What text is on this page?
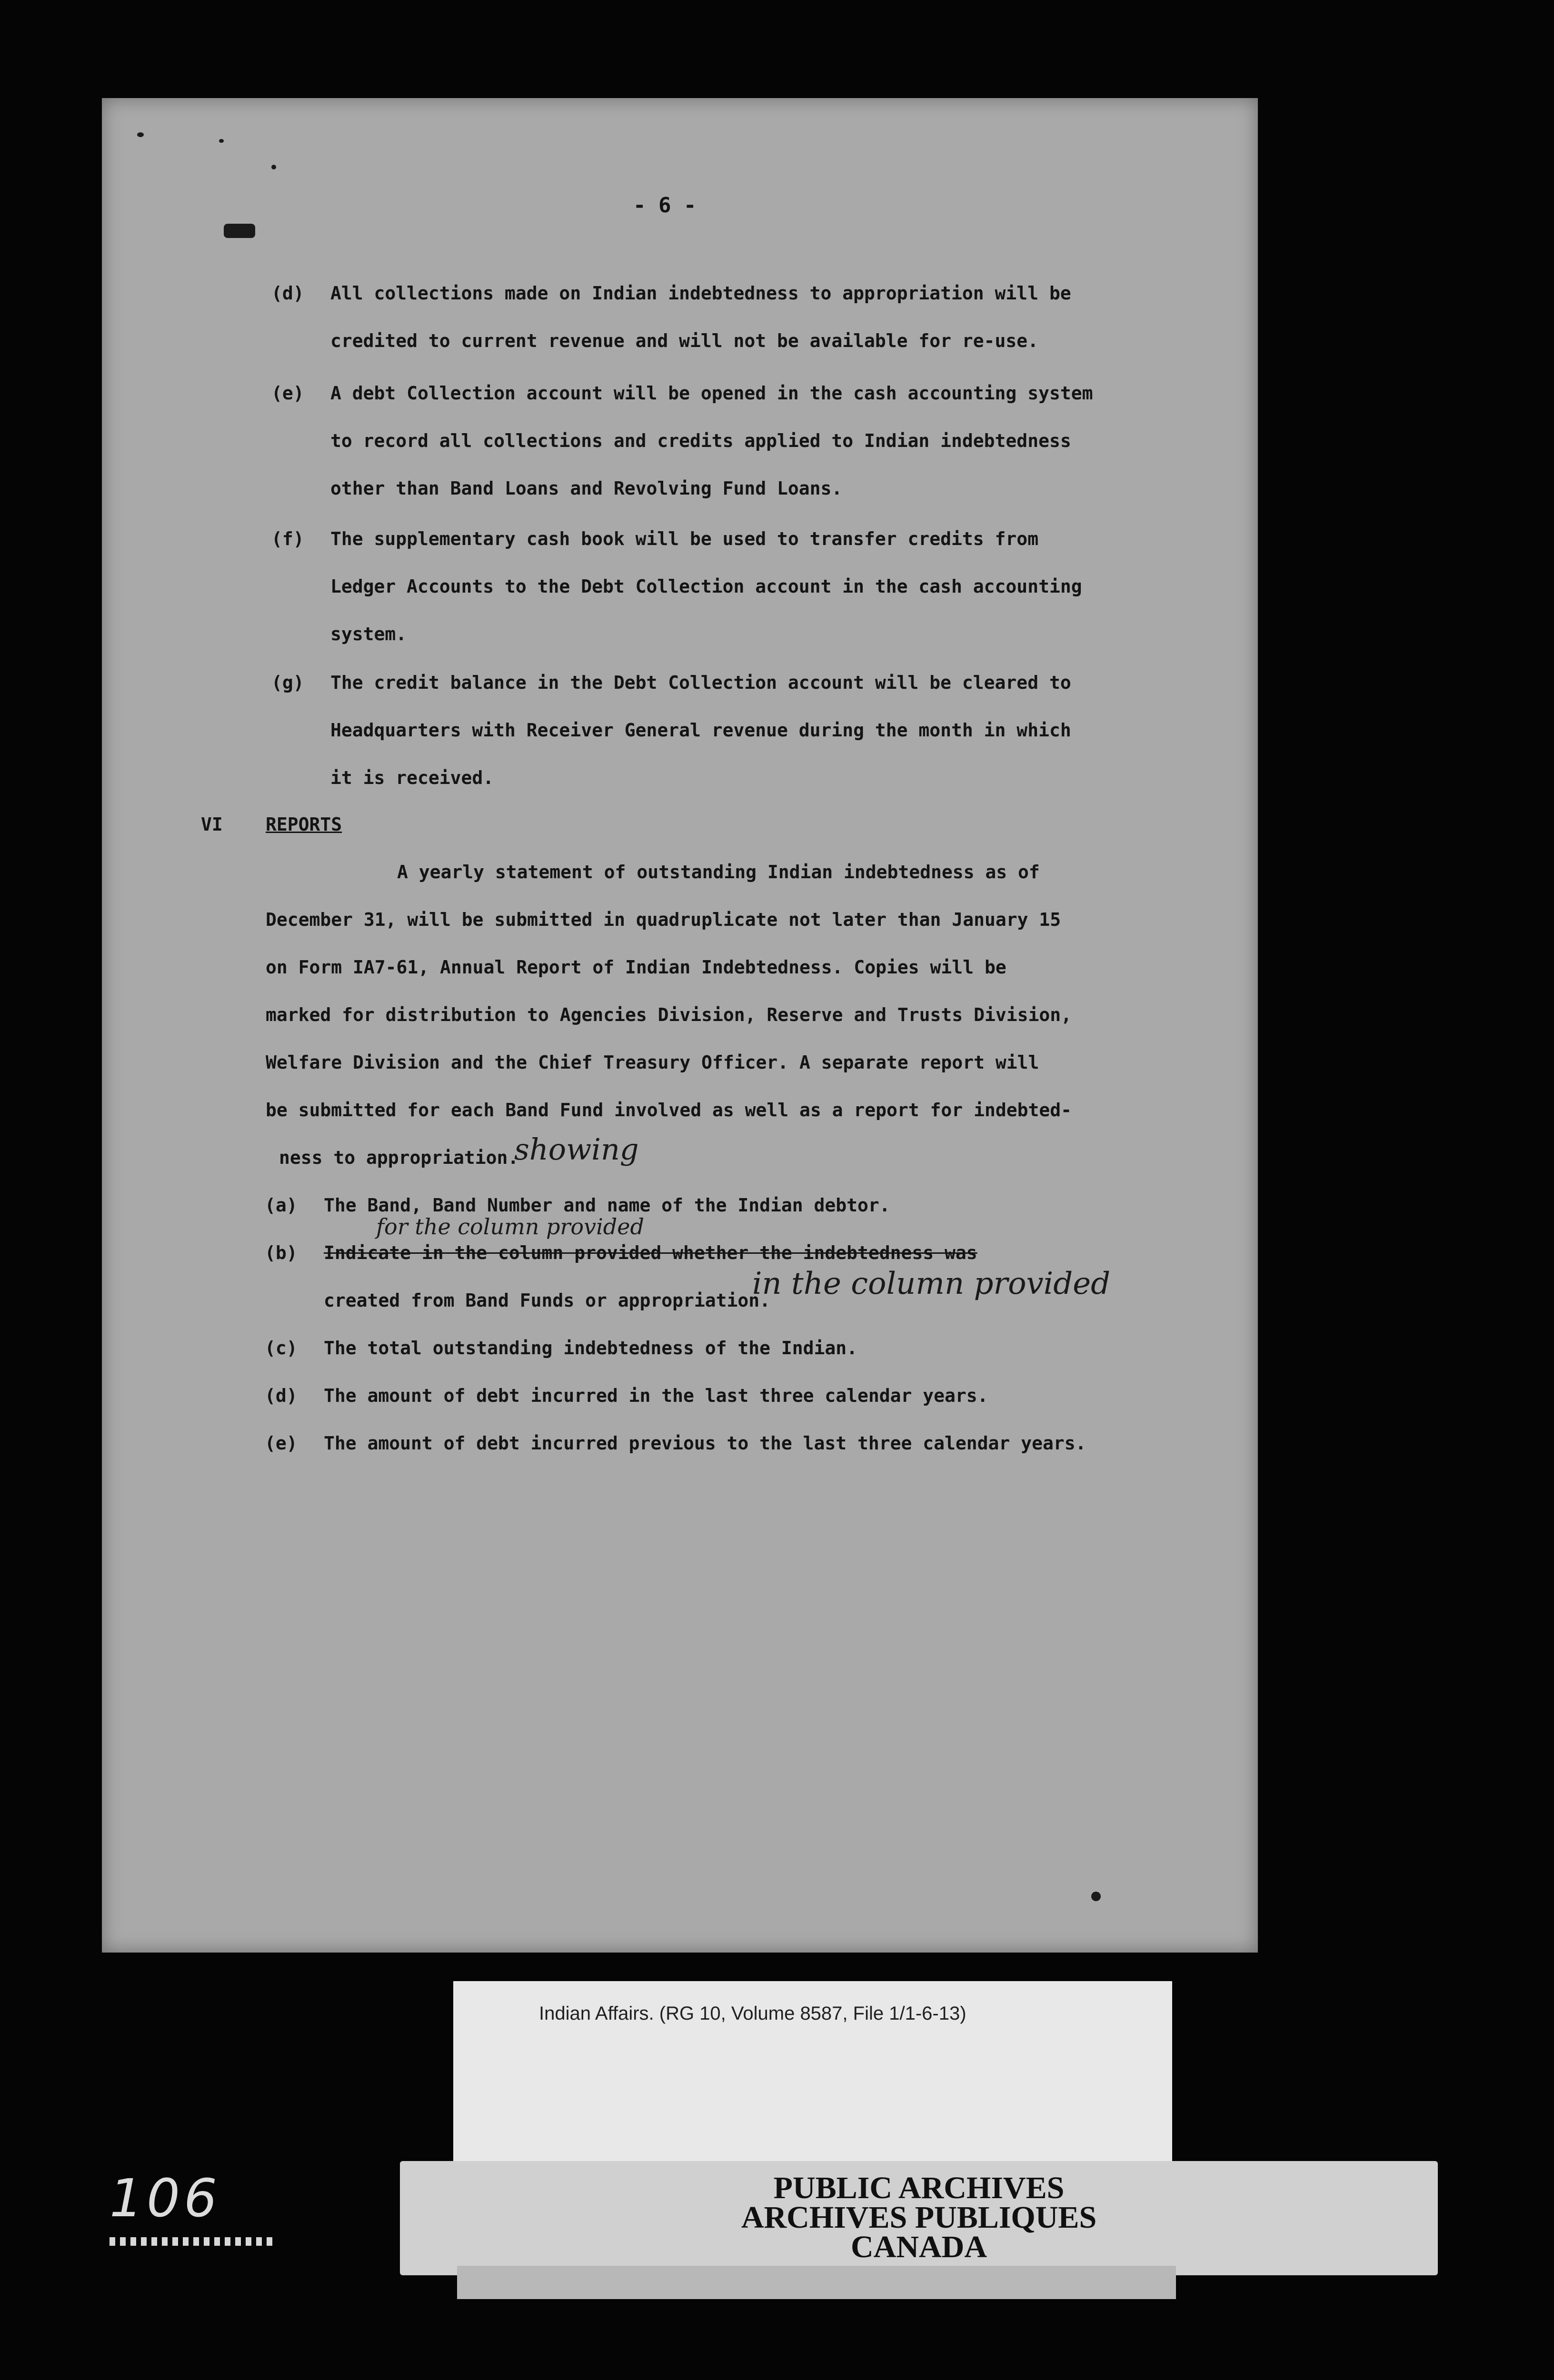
- 6 -
(d) All collections made on Indian indebtedness to appropriation will be
credited to current revenue and will not be available for re-use.
(e) A debt Collection account will be opened in the cash accounting system
to record all collections and credits applied to Indian indebtedness
other than Band Loans and Revolving Fund Loans.
(f) The supplementary cash book will be used to transfer credits from
Ledger Accounts to the Debt Collection account in the cash accounting
system.
(g) The credit balance in the Debt Collection account will be cleared to
Headquarters with Receiver General revenue during the month in which
it is received.
VI REPORTS
A yearly statement of outstanding Indian indebtedness as of
December 31, will be submitted in quadruplicate not later than January 15
on Form IA7-61, Annual Report of Indian Indebtedness. Copies will be
marked for distribution to Agencies Division, Reserve and Trusts Division,
Welfare Division and the Chief Treasury Officer. A separate report will
be submitted for each Band Fund involved as well as a report for indebted-
ness to appropriation.
showing
(a) The Band, Band Number and name of the Indian debtor.
(b) Indicate in the column provided whether the indebtedness was
created from Band Funds or appropriation.
for the column provided
in the column provided
(c) The total outstanding indebtedness of the Indian.
(d) The amount of debt incurred in the last three calendar years.
(e) The amount of debt incurred previous to the last three calendar years.
Indian Affairs. (RG 10, Volume 8587, File 1/1-6-13)
PUBLIC ARCHIVES
ARCHIVES PUBLIQUES
CANADA
106
